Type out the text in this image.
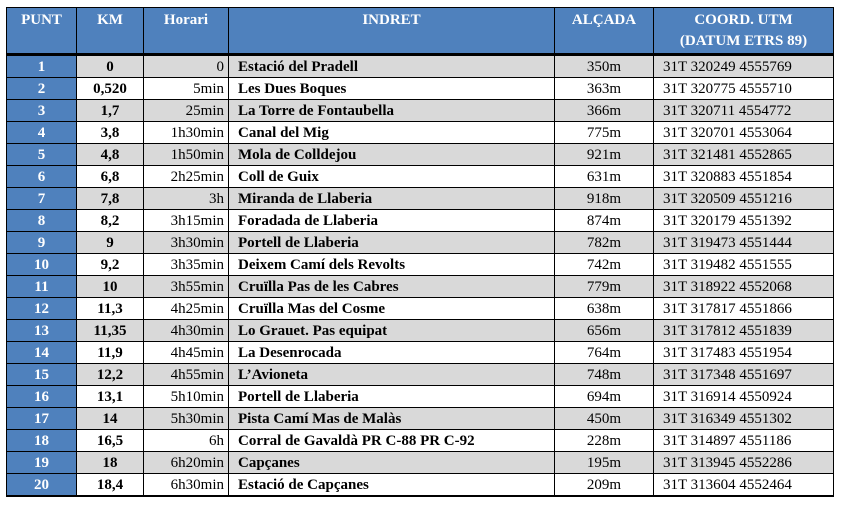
PUNT	KM	Horari	INDRET	ALÇADA	COORD. UTM
(DATUM ETRS 89)

1	0	0	Estació del Pradell	350m	31T 320249 4555769
2	0,520	5min	Les Dues Boques	363m	31T 320775 4555710
3	1,7	25min	La Torre de Fontaubella	366m	31T 320711 4554772
4	3,8	1h30min	Canal del Mig	775m	31T 320701 4553064
5	4,8	1h50min	Mola de Colldejou	921m	31T 321481 4552865
6	6,8	2h25min	Coll de Guix	631m	31T 320883 4551854
7	7,8	3h	Miranda de Llaberia	918m	31T 320509 4551216
8	8,2	3h15min	Foradada de Llaberia	874m	31T 320179 4551392
9	9	3h30min	Portell de Llaberia	782m	31T 319473 4551444
10	9,2	3h35min	Deixem Camí dels Revolts	742m	31T 319482 4551555
11	10	3h55min	Cruïlla Pas de les Cabres	779m	31T 318922 4552068
12	11,3	4h25min	Cruïlla Mas del Cosme	638m	31T 317817 4551866
13	11,35	4h30min	Lo Grauet. Pas equipat	656m	31T 317812 4551839
14	11,9	4h45min	La Desenrocada	764m	31T 317483 4551954
15	12,2	4h55min	L’Avioneta	748m	31T 317348 4551697
16	13,1	5h10min	Portell de Llaberia	694m	31T 316914 4550924
17	14	5h30min	Pista Camí Mas de Malàs	450m	31T 316349 4551302
18	16,5	6h	Corral de Gavaldà PR C-88 PR C-92	228m	31T 314897 4551186
19	18	6h20min	Capçanes	195m	31T 313945 4552286
20	18,4	6h30min	Estació de Capçanes	209m	31T 313604 4552464
